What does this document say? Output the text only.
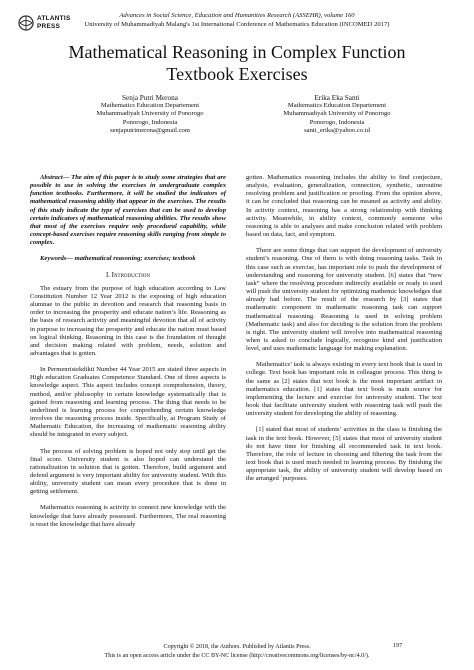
ATLANTIS
PRESS
Advances in Social Science, Education and Humanities Research (ASSEHR), volume 160
University of Muhammadiyah Malang's 1st International Conference of Mathematics Education (INCOMED 2017)
Mathematical Reasoning in Complex Function
Textbook Exercises
Senja Putri Merona
Mathematics Education Departement
Muhammadiyah University of Ponorogo
Ponorogo, Indonesia
senjaputrimerona@gmail.com
Erika Eka Santi
Mathematics Education Departement
Muhammadiyah University of Ponorogo
Ponorogo, Indonesia
santi_erika@yahoo.co.id

Abstract— The aim of this paper is to study some strategies that are possible to use in solving the exercises in undergraduate complex function textbooks. Furthermore, it will be studied the indicators of mathematical reasoning ability that appear in the exercises. The results of this study indicate the type of exercises that can be used to develop certain indicators of mathematical reasoning abilities. The results show that most of the exercises require only procedural capability, while concept-based exercises require reasoning skills ranging from simple to complex.

Keywords— mathematical reasoning; exercises; textbook

I. Introduction

The estuary from the purpose of high education according to Law Constitution Number 12 Year 2012 is the exposing of high education alumnae to the public in devotion and research that reasoning basis in order to increasing the prosperity and educate nation’s life. Reasoning as the basis of research activity and meaningful devotion that all of activity in purpose to increasing the prosperity and educate the nation must based on logical thinking. Reasoning in this case is the foundation of thought and decision making related with problem, needs, solution and advantages that is gotten.

In Permenristekdikti Number 44 Year 2015 are stated three aspects in High education Graduates Competence Standard. One of three aspects is knowledge aspect. This aspect includes concept comprehension, theory, method, and/or philosophy in certain knowledge systematically that is gained from reasoning and learning process. The thing that needs to be underlined is learning process for comprehending certain knowledge involves the reasoning process inside. Specifically, at Program Study of Mathematic Education, the increasing of mathematic reasoning ability should be integrated in every subject.

The process of solving problem is hoped not only stop until get the final score. University student is also hoped can understand the rationalization in solution that is gotten. Therefore, build argument and defend argument is very important ability for university student. With this ability, university student can mean every procedure that is done in getting settlement.

Mathematics reasoning is activity to connect new knowledge with the knowledge that have already possessed. Furthermore, The real reasoning is reset the knowledge that have already

gotten. Mathematics reasoning includes the ability to find conjecture, analysis, evaluation, generalization, connection, synthetic, unroutine resolving problem and justification or proofing. From the opinion above, it can be concluded that reasoning can be meaned as activity and ability. In activity context, reasoning has a strong relationship with thinking activity. Meanwhile, in ability context, commonly someone who reasoning is able to analyses and make conclusion related with problem based on data, fact, and symptom.

There are some things that can support the development of university student’s reasoning. One of them is with doing reasoning tasks. Task in this case such as exercise, has important role to push the development of understanding and reasoning for university student. [6] states that “new task” where the resolving procedure indirectly available or ready to used will push the university student for optimizing mathemic knowledges that already had before. The result of the research by [3] states that mathematic component in mathematic reasoning task can support mathematical reasoning. Reasoning is used in solving problem (Mathematic task) and also for deciding is the solution from the problem is right. The university student will involve into mathematical reasoning when is asked to conclude logically, recognize kind and justification level, and uses mathematic language for making explanation.

Mathematics’ task is always existing in every text book that is used in college. Text book has important role in colleague process. This thing is the same as [2] states that text book is the most important artifact in mathematics education. [1] states that text book is main source for implementing the lecture and exercise for university student. The text book that facilitate university student with reasoning task will push the university student for developing the ability of reasoning.

[1] stated that most of students’ activities in the class is finishing the task in the text book. However, [5] states that most of university student do not have time for finishing all recommended task in text book. Therefore, the role of lecture in choosing and filtering the task from the text book that is used much needed in learning process. By finishing the appropriate task, the ability of university student will develop based on the arranged `purposes.

Copyright © 2018, the Authors. Published by Atlantis Press.	197
This is an open access article under the CC BY-NC license (http://creativecommons.org/licenses/by-nc/4.0/).
